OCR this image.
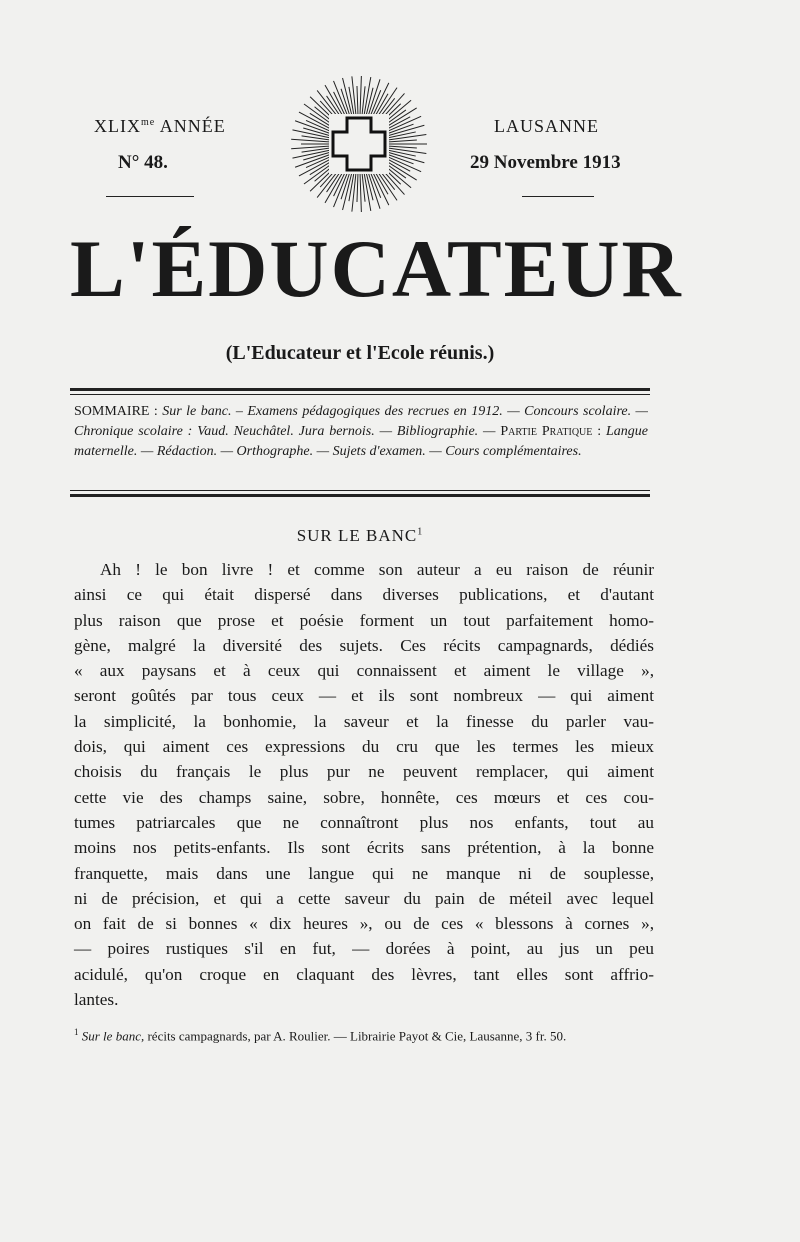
$XLIX^{me}$ ANNÉE
N° 48.
LAUSANNE
29 Novembre 1913
L'ÉDUCATEUR
(L'Educateur et l'Ecole réunis.)
SOMMAIRE : Sur le banc. – Examens pédagogiques des recrues en 1912. — Concours scolaire. — Chronique scolaire : Vaud. Neuchâtel. Jura bernois. — Bibliographie. — Partie Pratique : Langue maternelle. — Rédaction. — Orthographe. — Sujets d'examen. — Cours complémentaires.
SUR LE BANC$^1$
Ah ! le bon livre ! et comme son auteur a eu raison de réunir
ainsi ce qui était dispersé dans diverses publications, et d'autant
plus raison que prose et poésie forment un tout parfaitement homo-
gène, malgré la diversité des sujets. Ces récits campagnards, dédiés
« aux paysans et à ceux qui connaissent et aiment le village »,
seront goûtés par tous ceux — et ils sont nombreux — qui aiment
la simplicité, la bonhomie, la saveur et la finesse du parler vau-
dois, qui aiment ces expressions du cru que les termes les mieux
choisis du français le plus pur ne peuvent remplacer, qui aiment
cette vie des champs saine, sobre, honnête, ces mœurs et ces cou-
tumes patriarcales que ne connaîtront plus nos enfants, tout au
moins nos petits-enfants. Ils sont écrits sans prétention, à la bonne
franquette, mais dans une langue qui ne manque ni de souplesse,
ni de précision, et qui a cette saveur du pain de méteil avec lequel
on fait de si bonnes « dix heures », ou de ces « blessons à cornes »,
— poires rustiques s'il en fut, — dorées à point, au jus un peu
acidulé, qu'on croque en claquant des lèvres, tant elles sont affrio-
lantes.
$^1$ Sur le banc, récits campagnards, par A. Roulier. — Librairie Payot & Cie, Lausanne, 3 fr. 50.
